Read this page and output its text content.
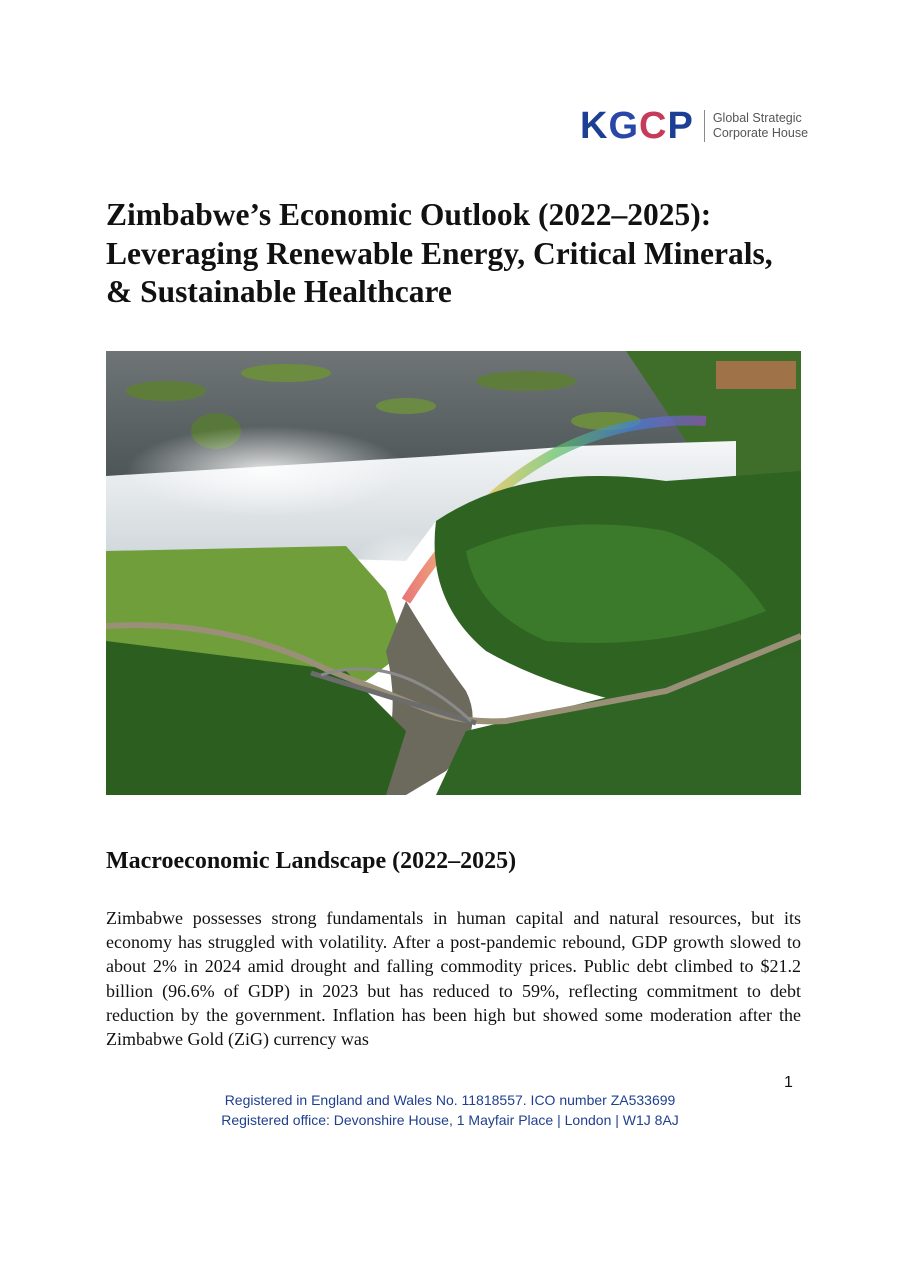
KGCP Global Strategic
Corporate House
Zimbabwe’s Economic Outlook (2022–2025): Leveraging Renewable Energy, Critical Minerals, & Sustainable Healthcare
Macroeconomic Landscape (2022–2025)

Zimbabwe possesses strong fundamentals in human capital and natural resources, but its economy has struggled with volatility. After a post-pandemic rebound, GDP growth slowed to about 2% in 2024 amid drought and falling commodity prices. Public debt climbed to $21.2 billion (96.6% of GDP) in 2023 but has reduced to 59%, reflecting commitment to debt reduction by the government. Inflation has been high but showed some moderation after the Zimbabwe Gold (ZiG) currency was

1
Registered in England and Wales No. 11818557. ICO number ZA533699
Registered office: Devonshire House, 1 Mayfair Place | London | W1J 8AJ
